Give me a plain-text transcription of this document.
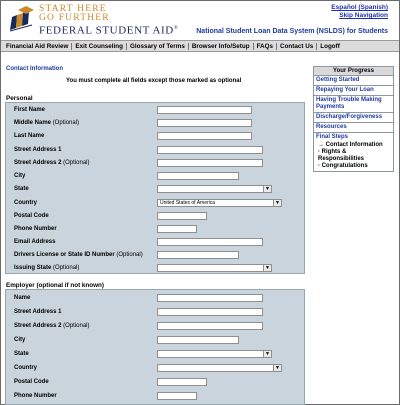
START HERE
GO FURTHER
FEDERAL STUDENT AID®
Español (Spanish)
Skip Navigation
National Student Loan Data System (NSLDS) for Students
Financial Aid Review	Exit Counseling	Glossary of Terms	Browser Info/Setup	FAQs	Contact Us	Logoff
Contact Information
You must complete all fields except those marked as optional
Personal
First Name
Middle Name (Optional)
Last Name
Street Address 1
Street Address 2 (Optional)
City
State	▼
Country	United States of America	▼
Postal Code
Phone Number
Email Address
Drivers License or State ID Number (Optional)
Issuing State (Optional)	▼
Employer (optional if not known)
Name
Street Address 1
Street Address 2 (Optional)
City
State	▼
Country	▼
Postal Code
Phone Number
Your Progress
Getting Started
Repaying Your Loan
Having Trouble Making Payments
Discharge/Forgiveness
Resources
Final Steps
→ Contact Information
· Rights & Responsibilities
· Congratulations
